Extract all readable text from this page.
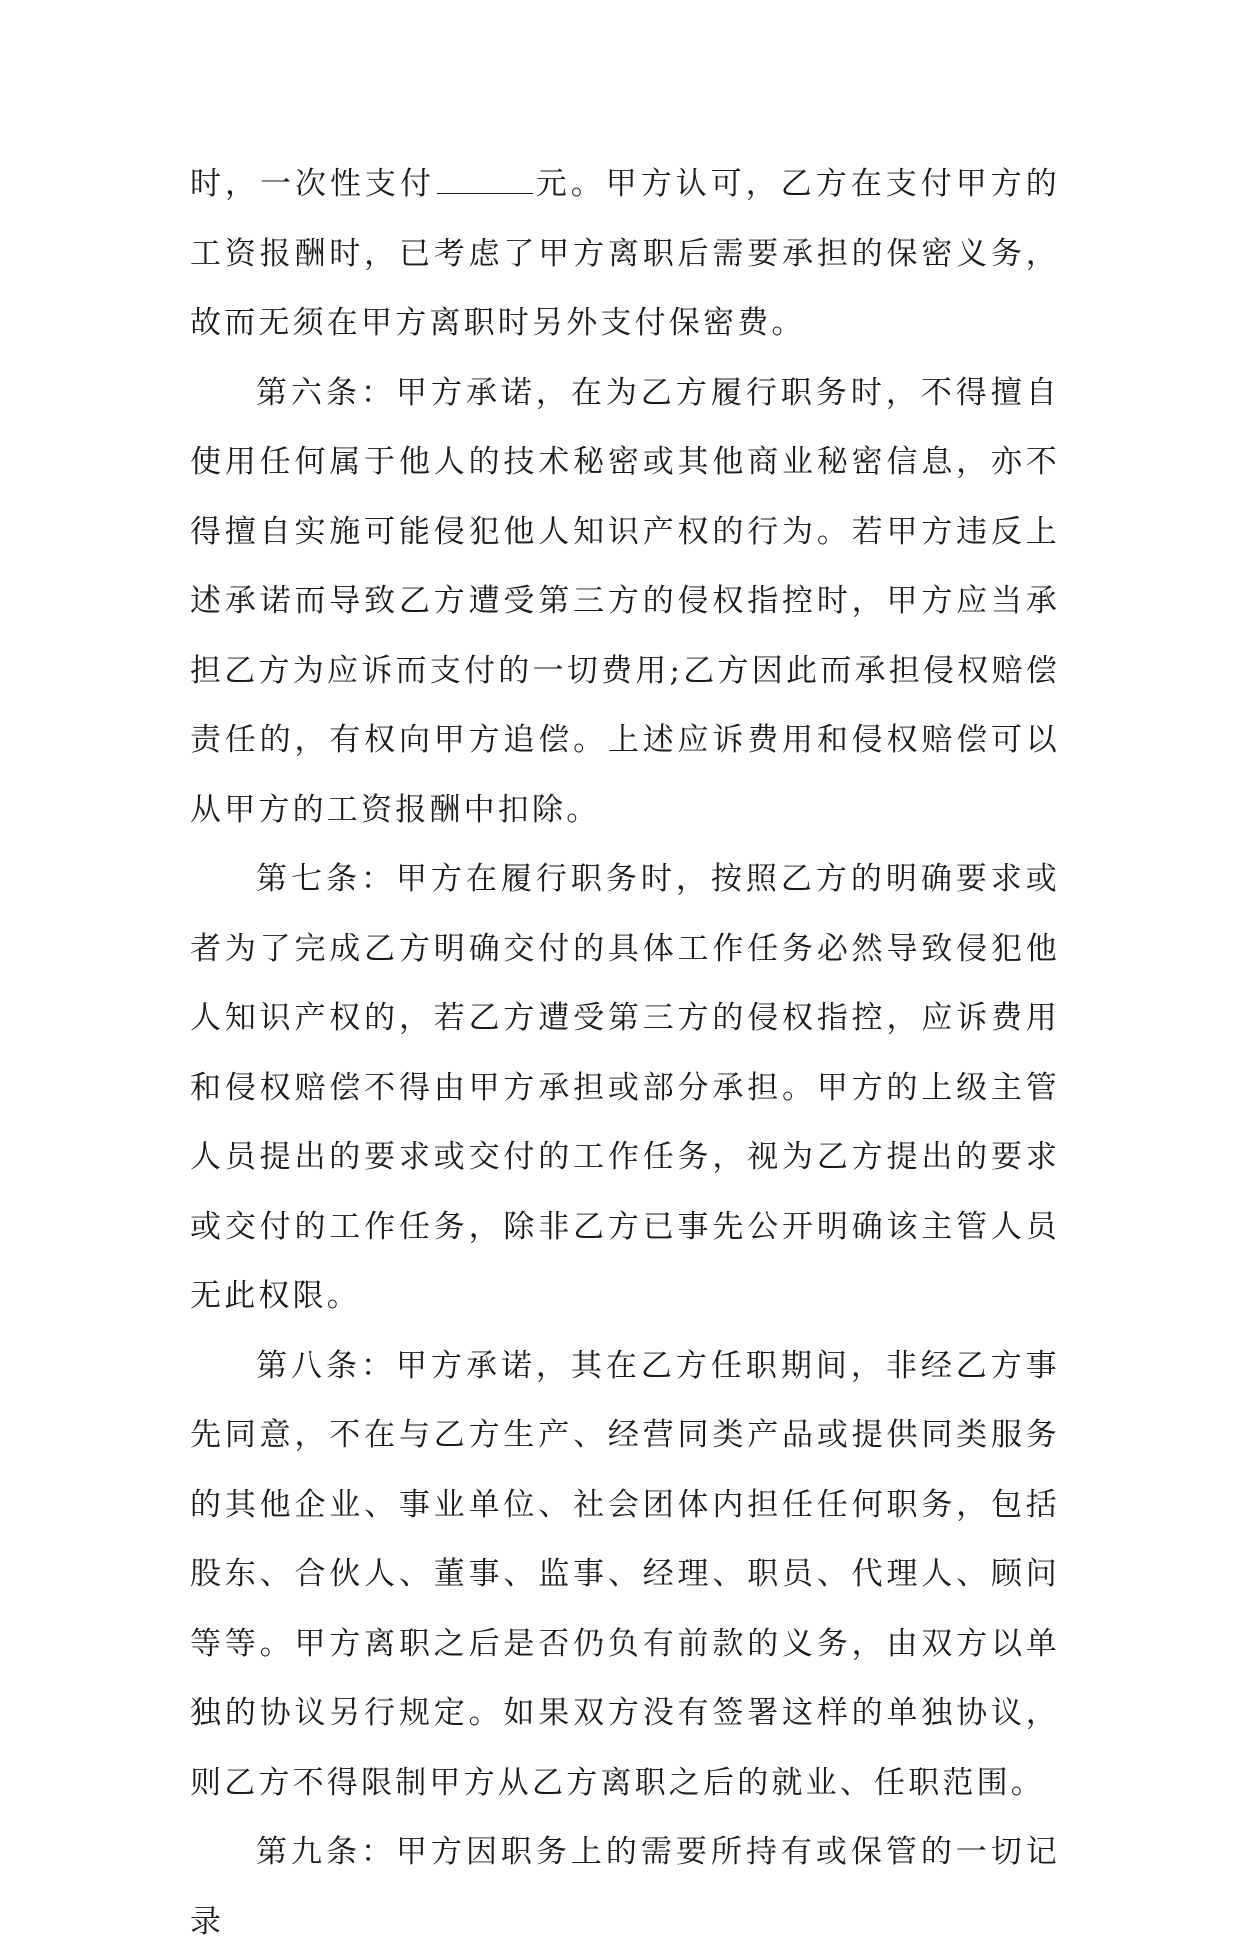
时，一次性支付	元。甲方认可，乙方在支付甲方的工资报酬时，已考虑了甲方离职后需要承担的保密义务，故而无须在甲方离职时另外支付保密费。

第六条：甲方承诺，在为乙方履行职务时，不得擅自使用任何属于他人的技术秘密或其他商业秘密信息，亦不得擅自实施可能侵犯他人知识产权的行为。若甲方违反上述承诺而导致乙方遭受第三方的侵权指控时，甲方应当承担乙方为应诉而支付的一切费用;乙方因此而承担侵权赔偿责任的，有权向甲方追偿。上述应诉费用和侵权赔偿可以从甲方的工资报酬中扣除。

第七条：甲方在履行职务时，按照乙方的明确要求或者为了完成乙方明确交付的具体工作任务必然导致侵犯他人知识产权的，若乙方遭受第三方的侵权指控，应诉费用和侵权赔偿不得由甲方承担或部分承担。甲方的上级主管人员提出的要求或交付的工作任务，视为乙方提出的要求或交付的工作任务，除非乙方已事先公开明确该主管人员无此权限。

第八条：甲方承诺，其在乙方任职期间，非经乙方事先同意，不在与乙方生产、经营同类产品或提供同类服务的其他企业、事业单位、社会团体内担任任何职务，包括股东、合伙人、董事、监事、经理、职员、代理人、顾问等等。甲方离职之后是否仍负有前款的义务，由双方以单独的协议另行规定。如果双方没有签署这样的单独协议，则乙方不得限制甲方从乙方离职之后的就业、任职范围。

第九条：甲方因职务上的需要所持有或保管的一切记录
